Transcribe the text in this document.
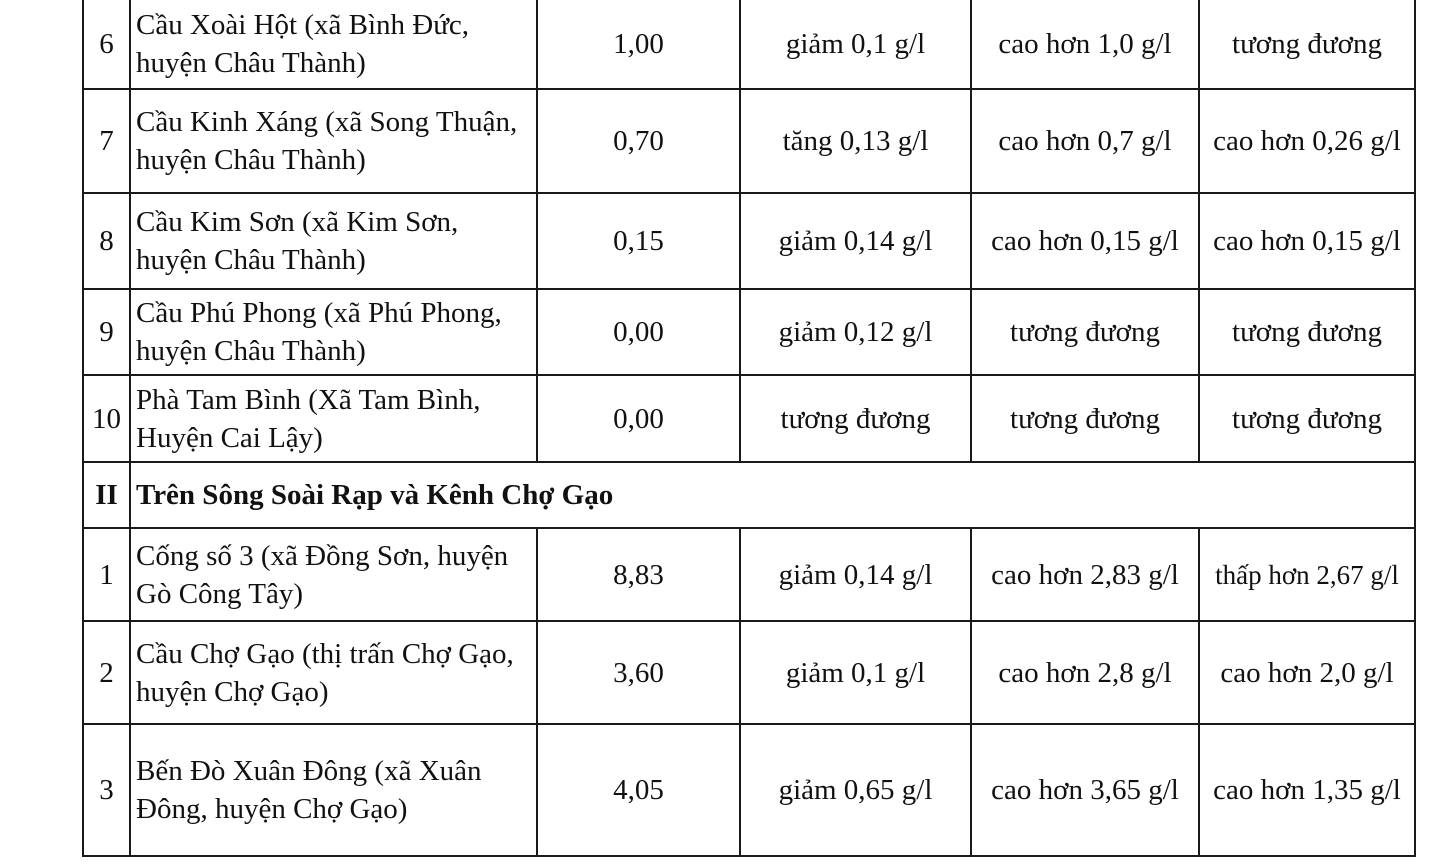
6	Cầu Xoài Hột (xã Bình Đức, huyện Châu Thành)	1,00	giảm 0,1 g/l	cao hơn 1,0 g/l	tương đương
7	Cầu Kinh Xáng (xã Song Thuận, huyện Châu Thành)	0,70	tăng 0,13 g/l	cao hơn 0,7 g/l	cao hơn 0,26 g/l
8	Cầu Kim Sơn (xã Kim Sơn, huyện Châu Thành)	0,15	giảm 0,14 g/l	cao hơn 0,15 g/l	cao hơn 0,15 g/l
9	Cầu Phú Phong (xã Phú Phong, huyện Châu Thành)	0,00	giảm 0,12 g/l	tương đương	tương đương
10	Phà Tam Bình (Xã Tam Bình, Huyện Cai Lậy)	0,00	tương đương	tương đương	tương đương
II	Trên Sông Soài Rạp và Kênh Chợ Gạo				
1	Cống số 3 (xã Đồng Sơn, huyện Gò Công Tây)	8,83	giảm 0,14 g/l	cao hơn 2,83 g/l	thấp hơn 2,67 g/l
2	Cầu Chợ Gạo (thị trấn Chợ Gạo, huyện Chợ Gạo)	3,60	giảm 0,1 g/l	cao hơn 2,8 g/l	cao hơn 2,0 g/l
3	Bến Đò Xuân Đông (xã Xuân Đông, huyện Chợ Gạo)	4,05	giảm 0,65 g/l	cao hơn 3,65 g/l	cao hơn 1,35 g/l
